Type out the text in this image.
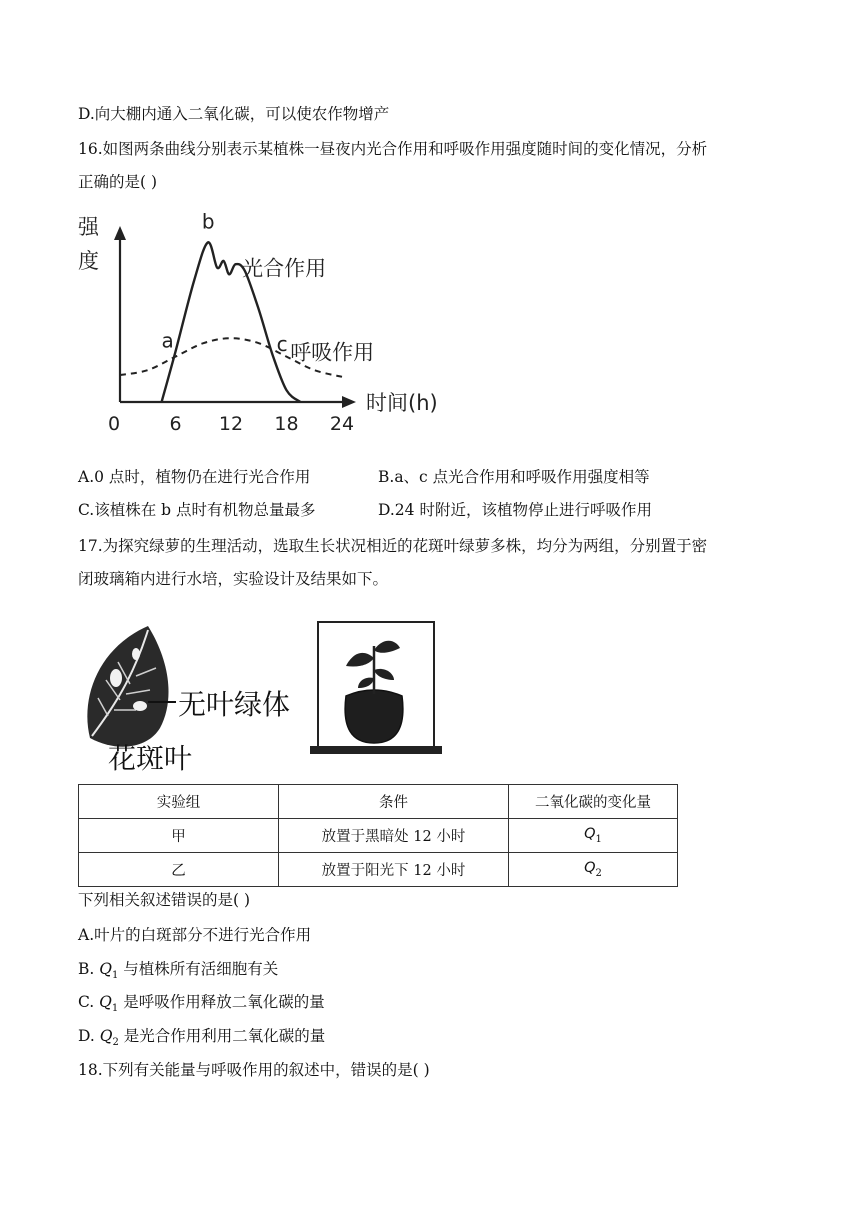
D.向大棚内通入二氧化碳，可以使农作物增产
16.如图两条曲线分别表示某植株一昼夜内光合作用和呼吸作用强度随时间的变化情况，分析
正确的是( )
强
度
时间(h)
0	6 12 18 24
光合作用
呼吸作用
a
b
c
A.0 点时，植物仍在进行光合作用	B.a、c 点光合作用和呼吸作用强度相等
C.该植株在 b 点时有机物总量最多	D.24 时附近，该植物停止进行呼吸作用
17.为探究绿萝的生理活动，选取生长状况相近的花斑叶绿萝多株，均分为两组，分别置于密
闭玻璃箱内进行水培，实验设计及结果如下。
无叶绿体
花斑叶
实验组	条件	二氧化碳的变化量
甲	放置于黑暗处 12 小时	$Q_1$
乙	放置于阳光下 12 小时	$Q_2$
下列相关叙述错误的是( )
A.叶片的白斑部分不进行光合作用
B. $Q_1$ 与植株所有活细胞有关
C. $Q_1$ 是呼吸作用释放二氧化碳的量
D. $Q_2$ 是光合作用利用二氧化碳的量
18.下列有关能量与呼吸作用的叙述中，错误的是( )
